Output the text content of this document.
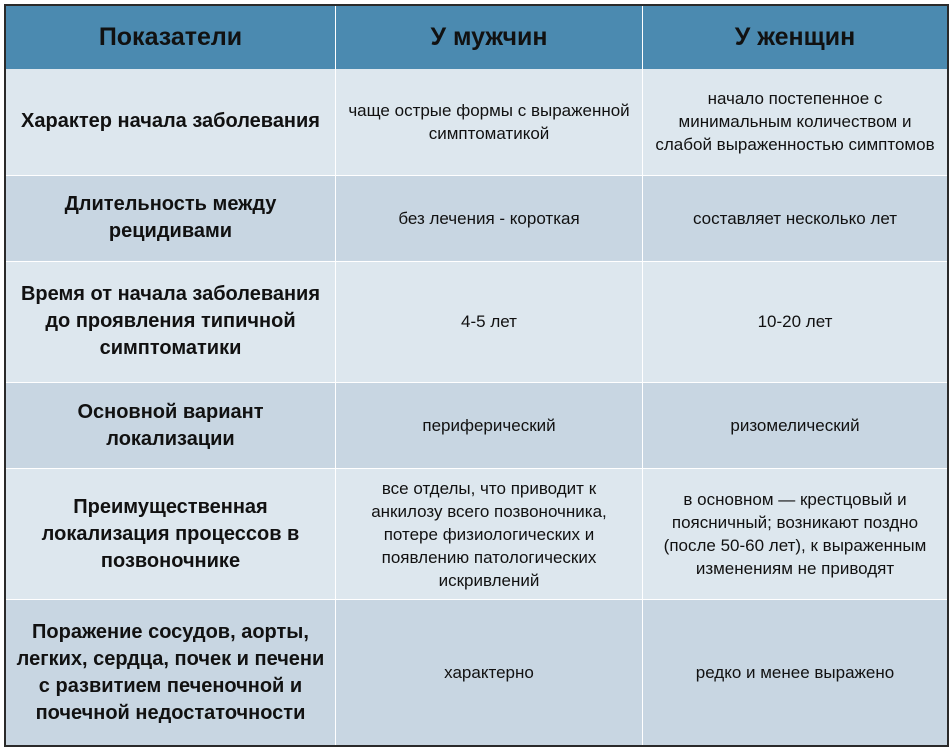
Показатели	У мужчин	У женщин
Характер начала заболевания	чаще острые формы с выраженной симптоматикой	начало постепенное с минимальным количеством и слабой выраженностью симптомов
Длительность между рецидивами	без лечения - короткая	составляет несколько лет
Время от начала заболевания до проявления типичной симптоматики	4-5 лет	10-20 лет
Основной вариант локализации	периферический	ризомелический
Преимущественная локализация процессов в позвоночнике	все отделы, что приводит к анкилозу всего позвоночника, потере физиологических и появлению патологических искривлений	в основном — крестцовый и поясничный; возникают поздно (после 50-60 лет), к выраженным изменениям не приводят
Поражение сосудов, аорты, легких, сердца, почек и печени с развитием печеночной и почечной недостаточности	характерно	редко и менее выражено
